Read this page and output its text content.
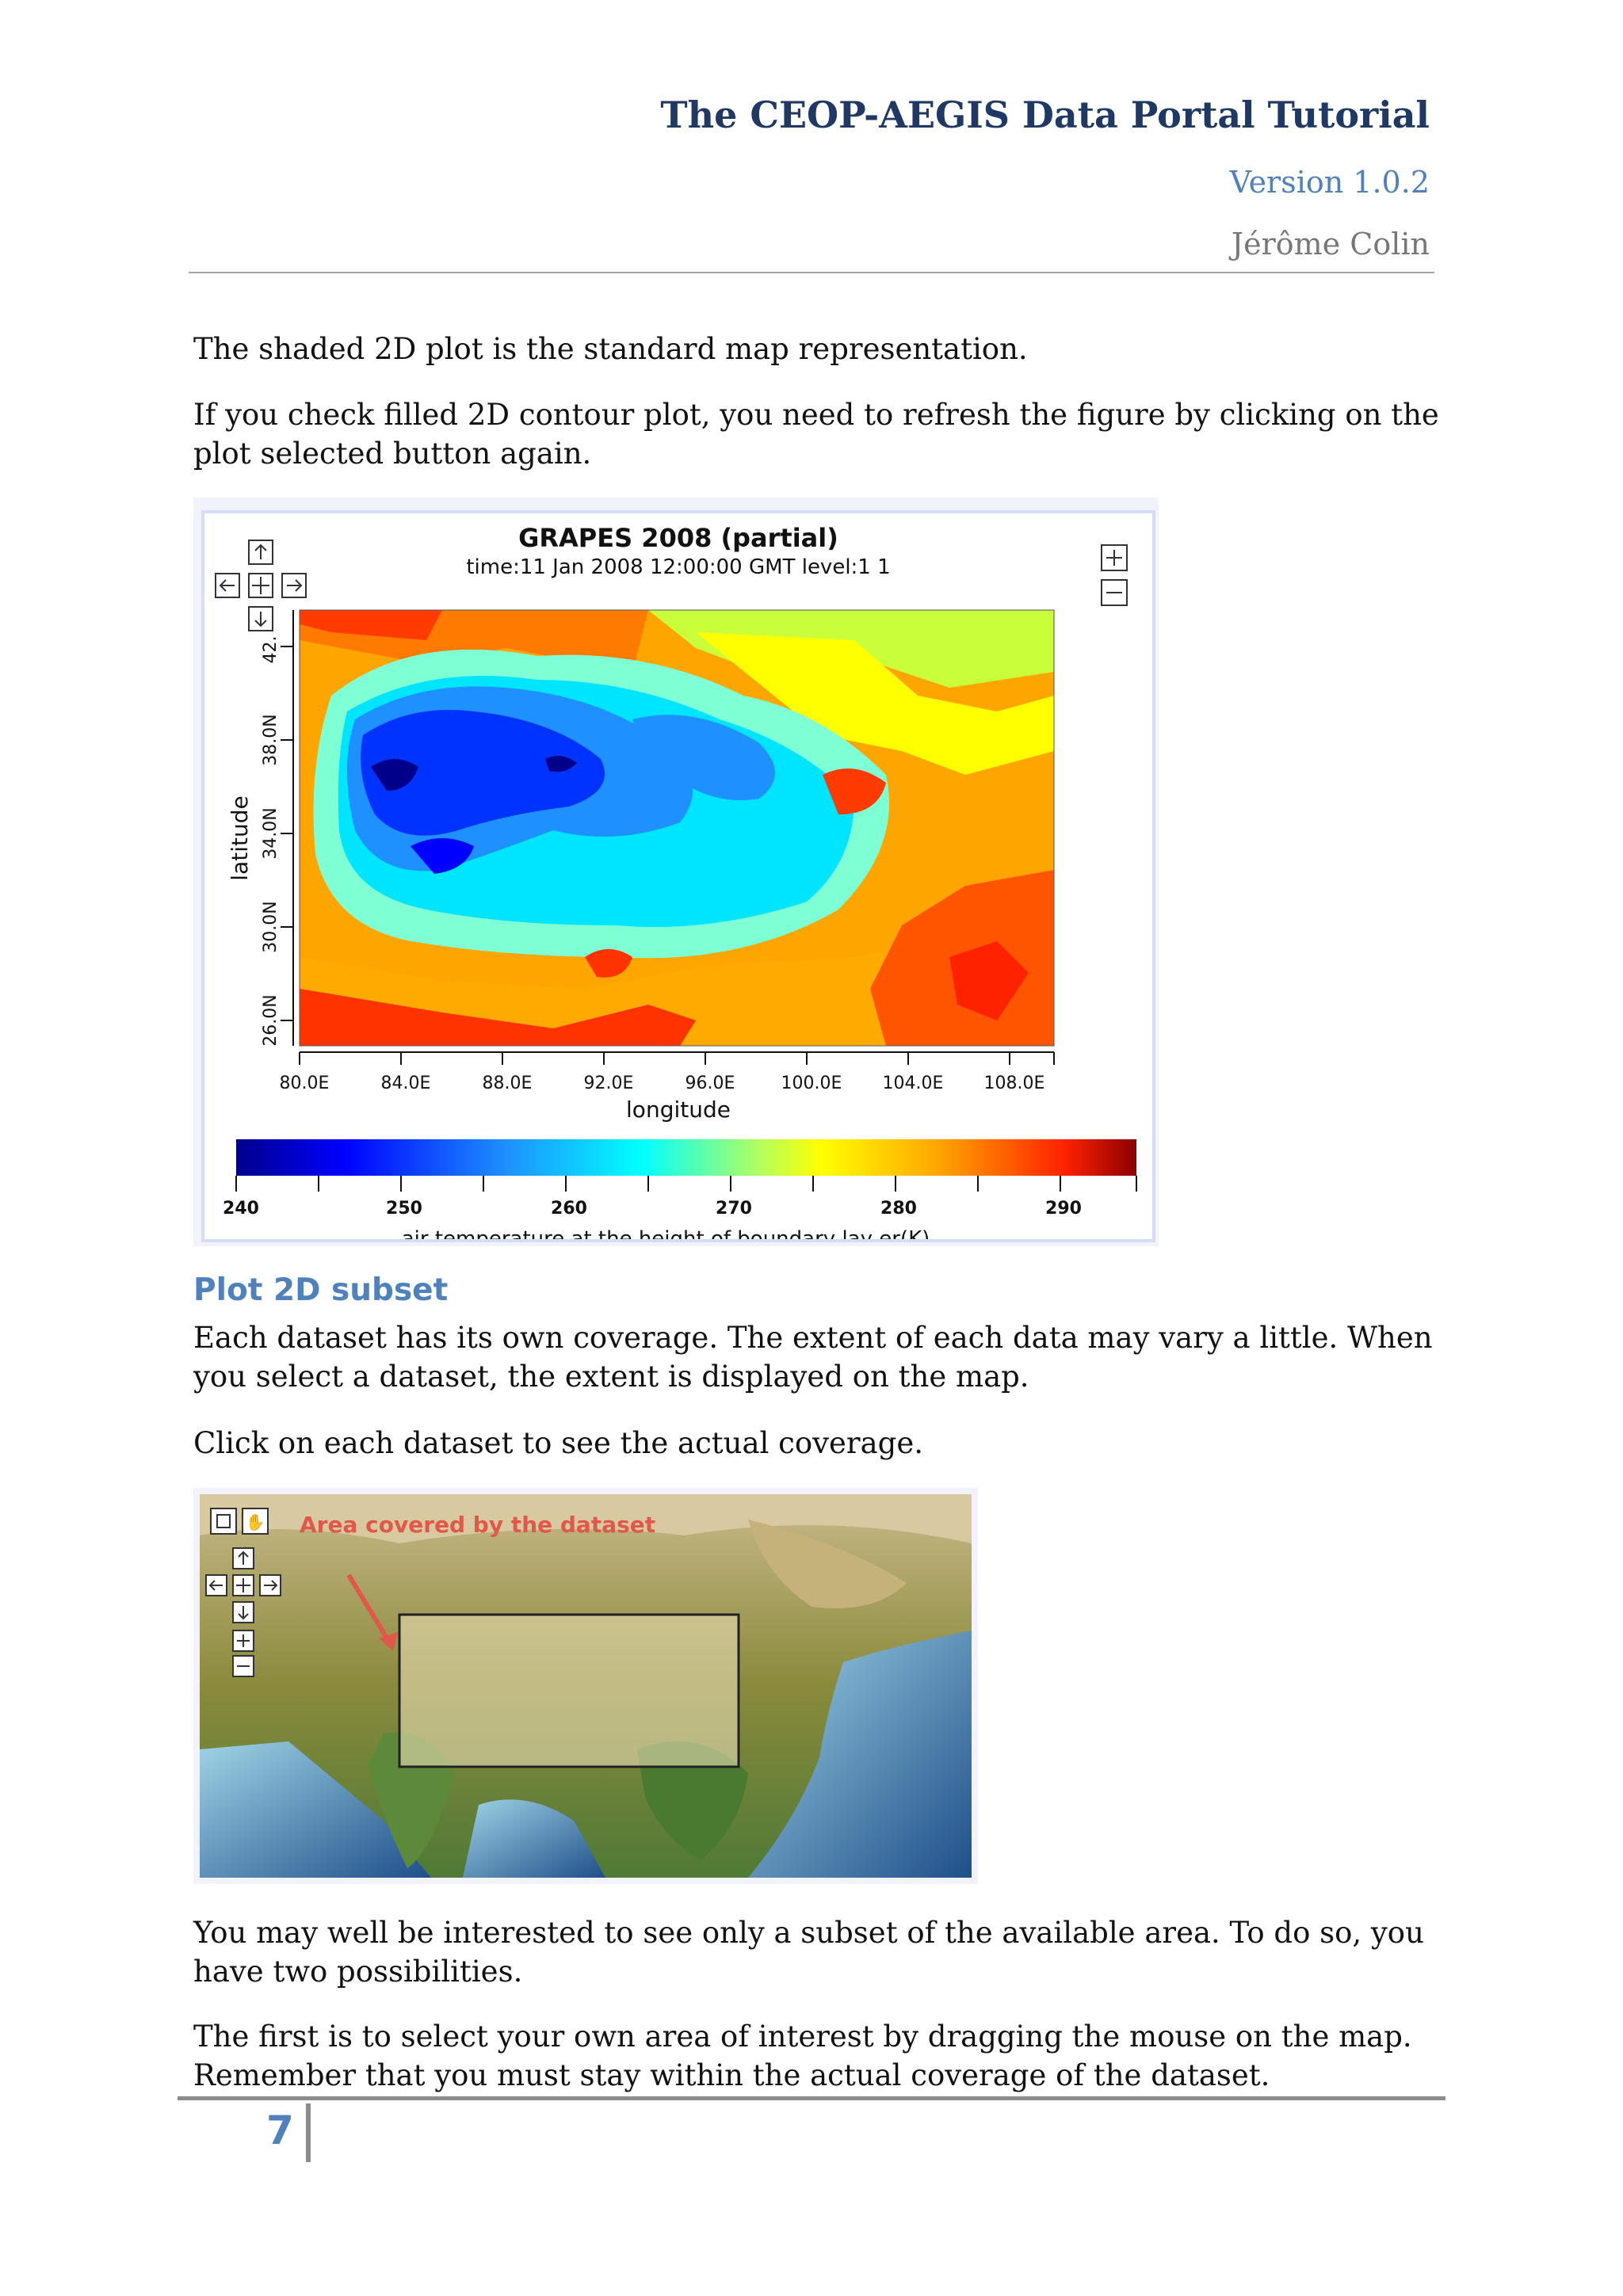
The CEOP-AEGIS Data Portal Tutorial
Version 1.0.2
Jérôme Colin
The shaded 2D plot is the standard map representation.
If you check filled 2D contour plot, you need to refresh the figure by clicking on the plot selected button again.
GRAPES 2008 (partial)
time:11 Jan 2008 12:00:00 GMT level:1 1
80.0E	84.0E	88.0E	92.0E	96.0E	100.0E 104.0E 108.0E
longitude
26.0N
30.0N
34.0N
38.0N
42.
latitude
240	250	260	270	280	290
air temperature at the height of boundary lay er(K)
Plot 2D subset
Each dataset has its own coverage. The extent of each data may vary a little. When you select a dataset, the extent is displayed on the map.
Click on each dataset to see the actual coverage.
✋ Area covered by the dataset
You may well be interested to see only a subset of the available area. To do so, you have two possibilities.
The first is to select your own area of interest by dragging the mouse on the map. Remember that you must stay within the actual coverage of the dataset.
7
